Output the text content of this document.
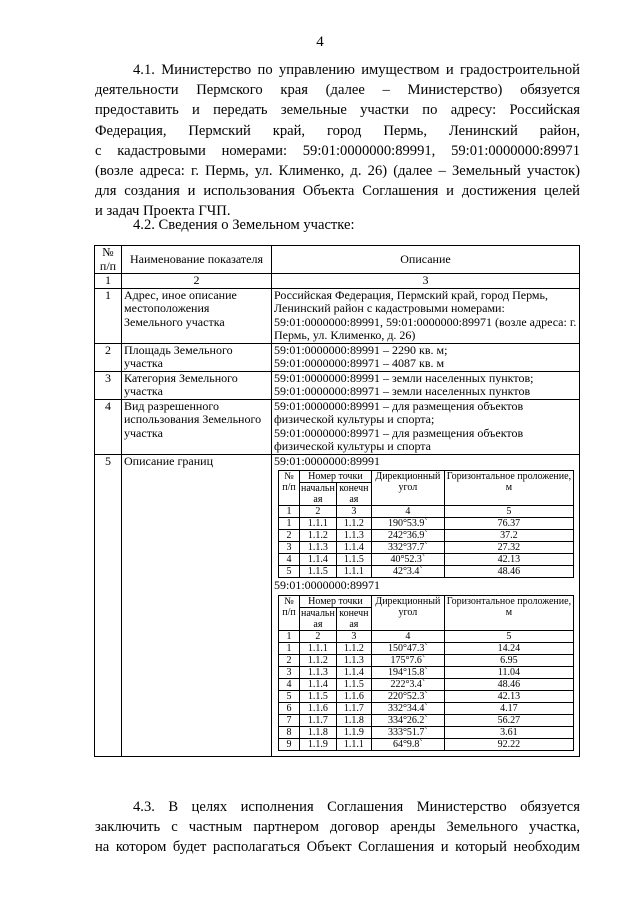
4
4.1. Министерство по управлению имуществом и градостроительной
деятельности Пермского края (далее – Министерство) обязуется
предоставить и передать земельные участки по адресу: Российская
Федерация, Пермский край, город Пермь, Ленинский район,
с кадастровыми номерами: 59:01:0000000:89991, 59:01:0000000:89971
(возле адреса: г. Пермь, ул. Клименко, д. 26) (далее – Земельный участок)
для создания и использования Объекта Соглашения и достижения целей
и задач Проекта ГЧП.
4.2. Сведения о Земельном участке:
№ п/п	Наименование показателя	Описание
1	2	3
1	Адрес, иное описание местоположения Земельного участка	Российская Федерация, Пермский край, город Пермь, Ленинский район с кадастровыми номерами: 59:01:0000000:89991, 59:01:0000000:89971 (возле адреса: г. Пермь, ул. Клименко, д. 26)
2	Площадь Земельного участка	
59:01:0000000:89991 – 2290 кв. м;
59:01:0000000:89971 – 4087 кв. м

3	Категория Земельного участка	
59:01:0000000:89991 – земли населенных пунктов;
59:01:0000000:89971 – земли населенных пунктов

4	Вид разрешенного использования Земельного участка	
59:01:0000000:89991 – для размещения объектов физической культуры и спорта;
59:01:0000000:89971 – для размещения объектов физической культуры и спорта

5	Описание границ	59:01:0000000:89991
№ п/п	Номер точки	Дирекционный угол	Горизонтальное проложение, м
начальн ая	конечн ая
1	2	3	4	5
1	1.1.1	1.1.2	190°53.9`	76.37
2	1.1.2	1.1.3	242°36.9`	37.2
3	1.1.3	1.1.4	332°37.7`	27.32
4	1.1.4	1.1.5	40°52.3`	42.13
5	1.1.5	1.1.1	42°3.4`	48.46
59:01:0000000:89971
№ п/п	Номер точки	Дирекционный угол	Горизонтальное проложение, м
начальн ая	конечн ая
1	2	3	4	5
1	1.1.1	1.1.2	150°47.3`	14.24
2	1.1.2	1.1.3	175°7.6`	6.95
3	1.1.3	1.1.4	194°15.8`	11.04
4	1.1.4	1.1.5	222°3.4`	48.46
5	1.1.5	1.1.6	220°52.3`	42.13
6	1.1.6	1.1.7	332°34.4`	4.17
7	1.1.7	1.1.8	334°26.2`	56.27
8	1.1.8	1.1.9	333°51.7`	3.61
9	1.1.9	1.1.1	64°9.8`	92.22
4.3. В целях исполнения Соглашения Министерство обязуется
заключить с частным партнером договор аренды Земельного участка,
на котором будет располагаться Объект Соглашения и который необходим
